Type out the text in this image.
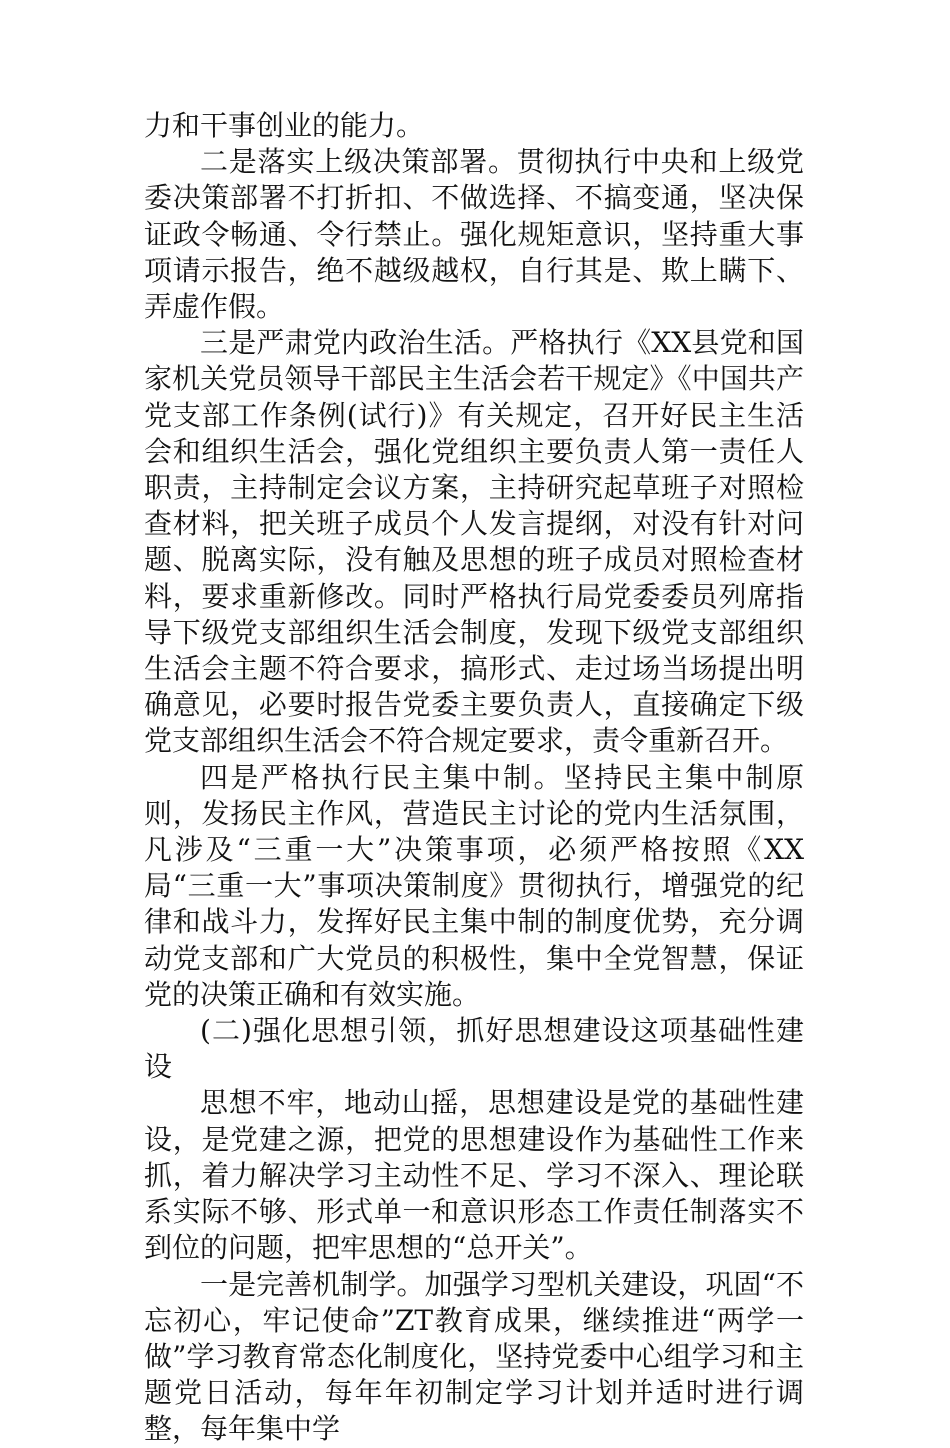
力和干事创业的能力。

二是落实上级决策部署。贯彻执行中央和上级党委决策部署不打折扣、不做选择、不搞变通，坚决保证政令畅通、令行禁止。强化规矩意识，坚持重大事项请示报告，绝不越级越权，自行其是、欺上瞒下、弄虚作假。

三是严肃党内政治生活。严格执行《XX县党和国家机关党员领导干部民主生活会若干规定》《中国共产党支部工作条例(试行)》有关规定，召开好民主生活会和组织生活会，强化党组织主要负责人第一责任人职责，主持制定会议方案，主持研究起草班子对照检查材料，把关班子成员个人发言提纲，对没有针对问题、脱离实际，没有触及思想的班子成员对照检查材料，要求重新修改。同时严格执行局党委委员列席指导下级党支部组织生活会制度，发现下级党支部组织生活会主题不符合要求，搞形式、走过场当场提出明确意见，必要时报告党委主要负责人，直接确定下级党支部组织生活会不符合规定要求，责令重新召开。

四是严格执行民主集中制。坚持民主集中制原则，发扬民主作风，营造民主讨论的党内生活氛围，凡涉及“三重一大”决策事项，必须严格按照《XX局“三重一大”事项决策制度》贯彻执行，增强党的纪律和战斗力，发挥好民主集中制的制度优势，充分调动党支部和广大党员的积极性，集中全党智慧，保证党的决策正确和有效实施。

(二)强化思想引领，抓好思想建设这项基础性建设

思想不牢，地动山摇，思想建设是党的基础性建设，是党建之源，把党的思想建设作为基础性工作来抓，着力解决学习主动性不足、学习不深入、理论联系实际不够、形式单一和意识形态工作责任制落实不到位的问题，把牢思想的“总开关”。

一是完善机制学。加强学习型机关建设，巩固“不忘初心，牢记使命”ZT教育成果，继续推进“两学一做”学习教育常态化制度化，坚持党委中心组学习和主题党日活动，每年年初制定学习计划并适时进行调整，每年集中学
